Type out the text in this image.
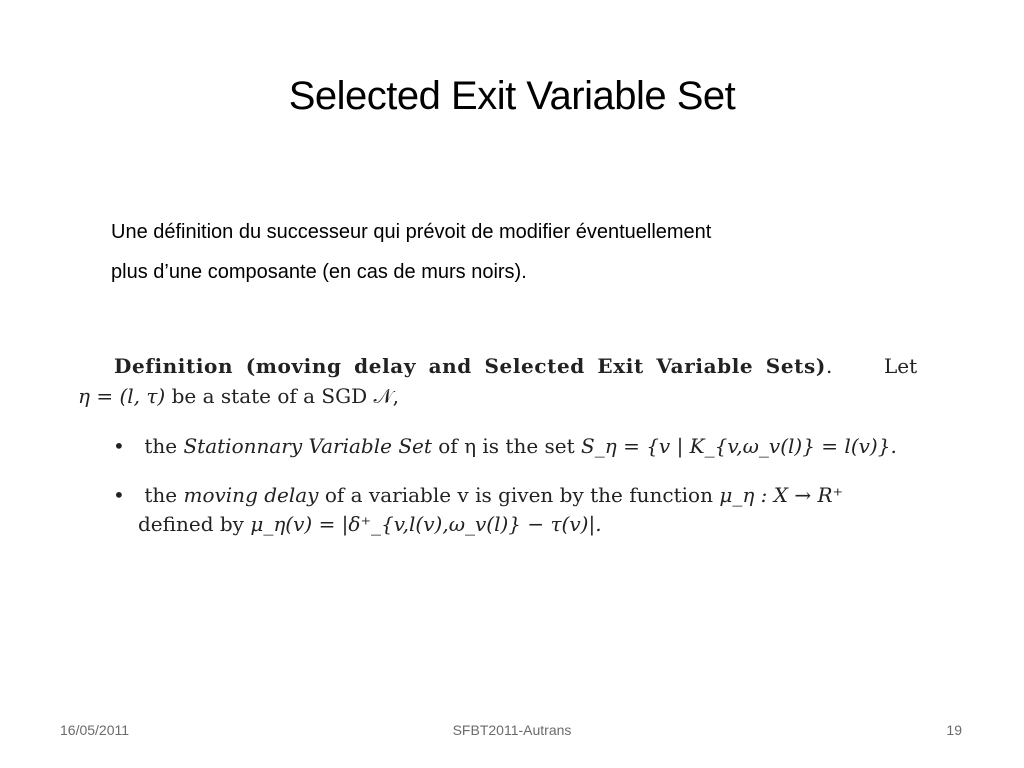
Selected Exit Variable Set

Une définition du successeur qui prévoit de modifier éventuellement

plus d’une composante (en cas de murs noirs).

Definition (moving delay and Selected Exit Variable Sets).	Let
η = (l, τ) be a state of a SGD 𝒩,
• the Stationnary Variable Set of η is the set S_η = {v | K_{v,ω_v(l)} = l(v)}.
• the moving delay of a variable v is given by the function μ_η : X → R⁺
defined by μ_η(v) = |δ⁺_{v,l(v),ω_v(l)} − τ(v)|.
16/05/2011	SFBT2011-Autrans	19
